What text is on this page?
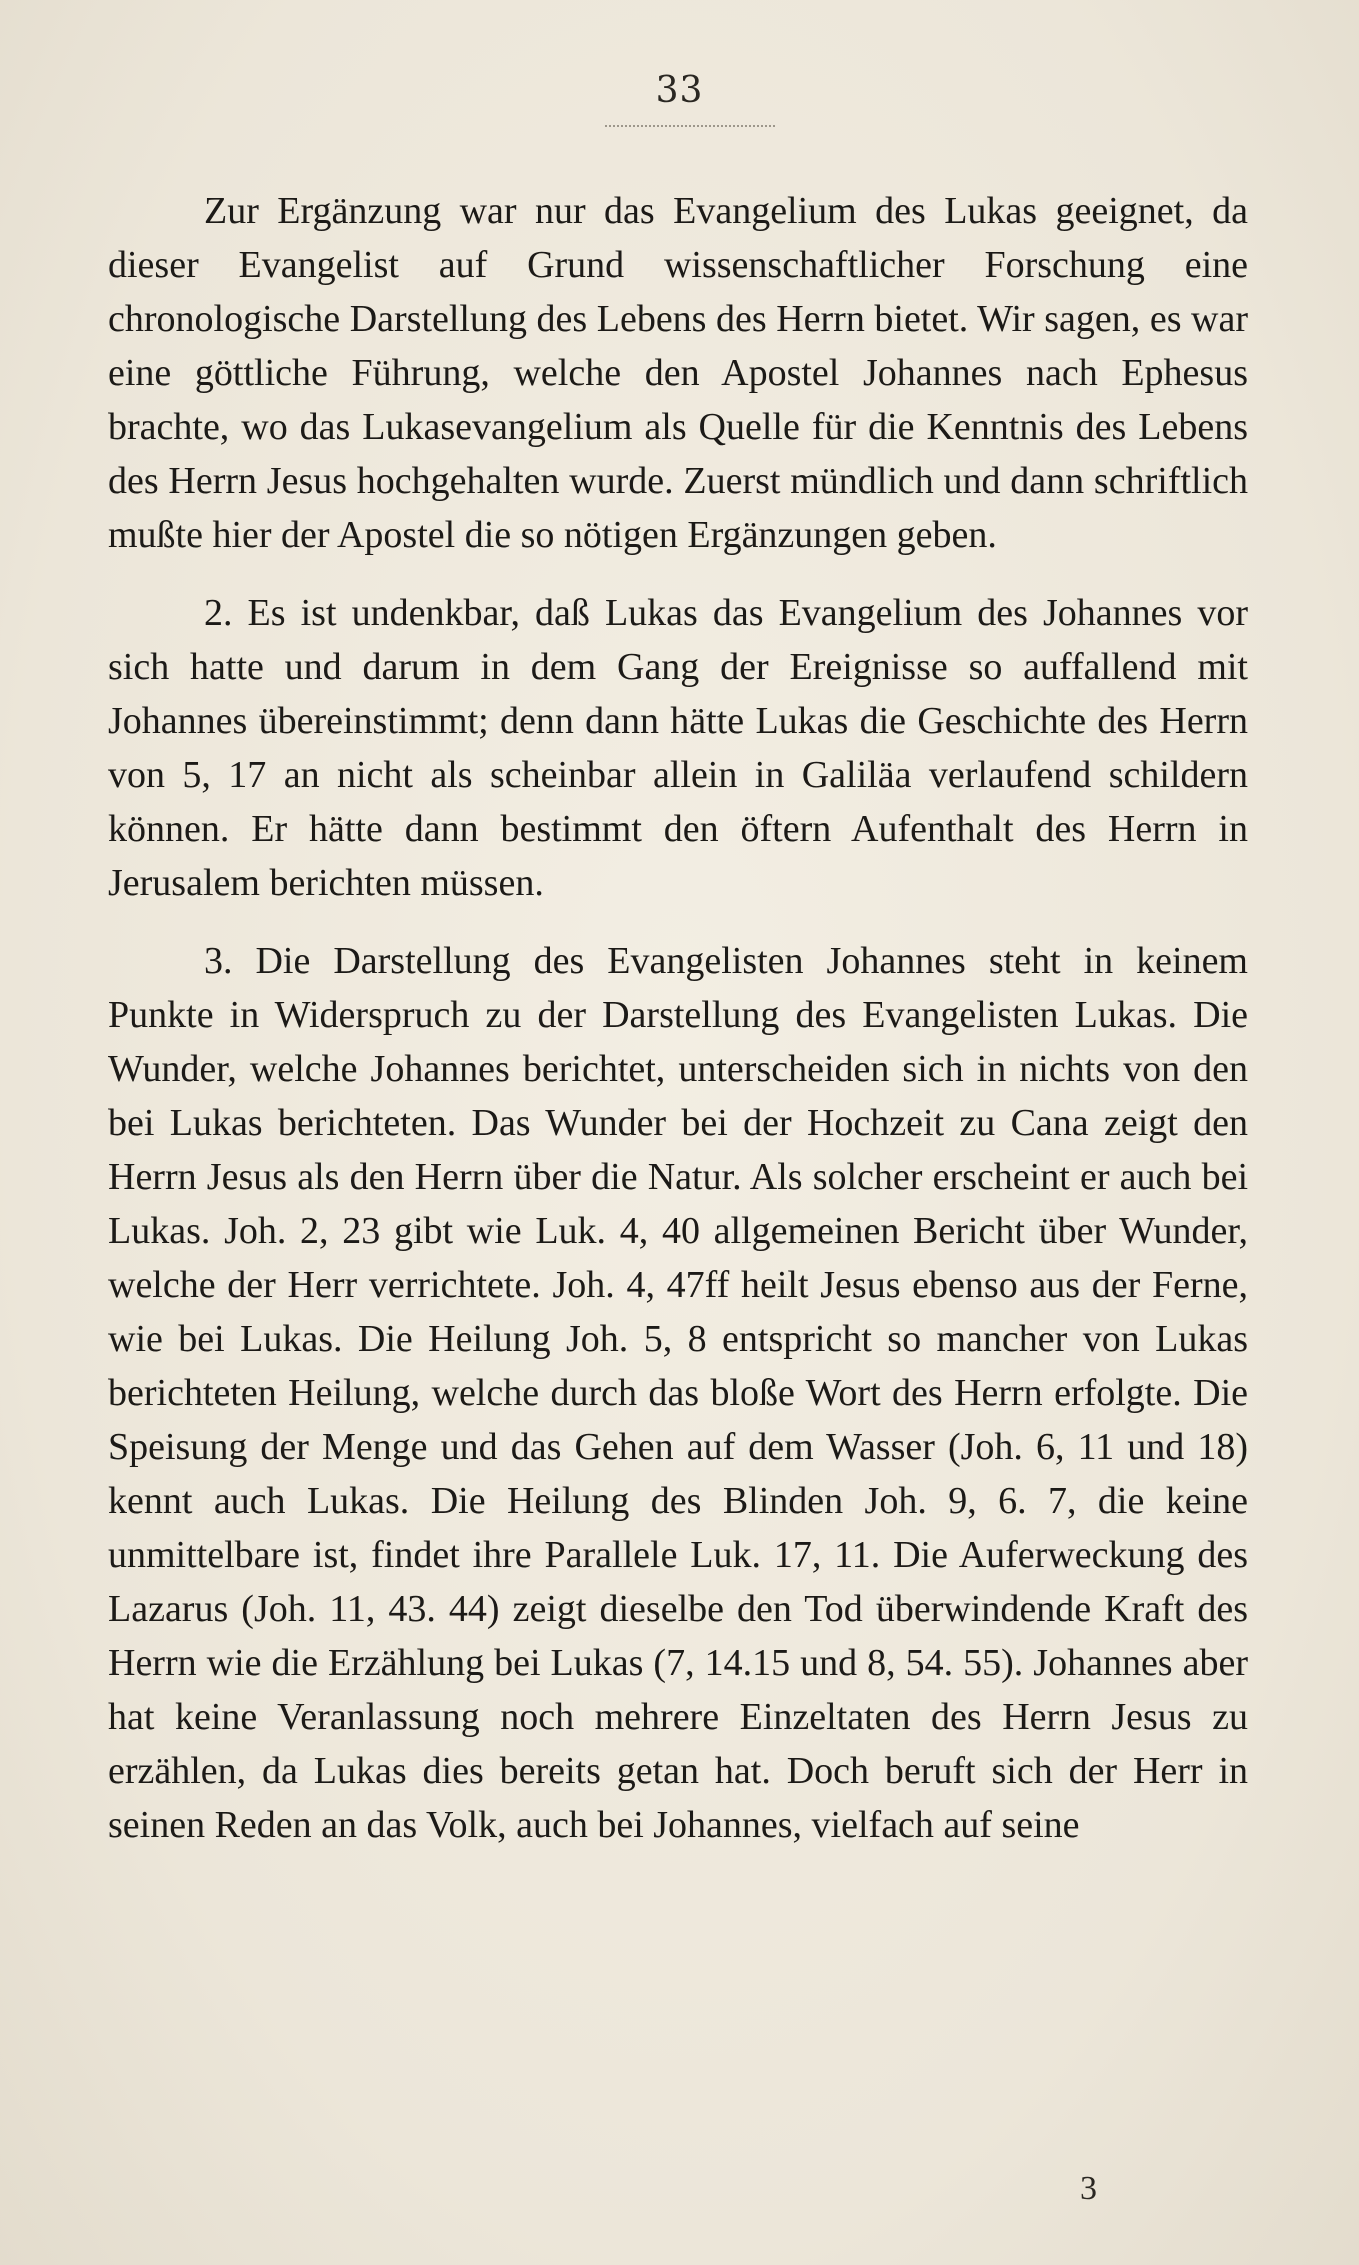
33

Zur Ergänzung war nur das Evangelium des Lukas geeignet, da dieser Evangelist auf Grund wissenschaftlicher Forschung eine chronologische Darstellung des Lebens des Herrn bietet. Wir sagen, es war eine göttliche Führung, welche den Apostel Johannes nach Ephesus brachte, wo das Lukasevangelium als Quelle für die Kenntnis des Lebens des Herrn Jesus hochgehalten wurde. Zuerst mündlich und dann schriftlich mußte hier der Apostel die so nötigen Ergänzungen geben.

2. Es ist undenkbar, daß Lukas das Evangelium des Johannes vor sich hatte und darum in dem Gang der Ereignisse so auffallend mit Johannes übereinstimmt; denn dann hätte Lukas die Geschichte des Herrn von 5, 17 an nicht als scheinbar allein in Galiläa verlaufend schildern können. Er hätte dann bestimmt den öftern Aufenthalt des Herrn in Jerusalem berichten müssen.

3. Die Darstellung des Evangelisten Johannes steht in keinem Punkte in Widerspruch zu der Darstellung des Evangelisten Lukas. Die Wunder, welche Johannes berichtet, unterscheiden sich in nichts von den bei Lukas berichteten. Das Wunder bei der Hochzeit zu Cana zeigt den Herrn Jesus als den Herrn über die Natur. Als solcher erscheint er auch bei Lukas. Joh. 2, 23 gibt wie Luk. 4, 40 allgemeinen Bericht über Wunder, welche der Herr verrichtete. Joh. 4, 47ff heilt Jesus ebenso aus der Ferne, wie bei Lukas. Die Heilung Joh. 5, 8 entspricht so mancher von Lukas berichteten Heilung, welche durch das bloße Wort des Herrn erfolgte. Die Speisung der Menge und das Gehen auf dem Wasser (Joh. 6, 11 und 18) kennt auch Lukas. Die Heilung des Blinden Joh. 9, 6. 7, die keine unmittelbare ist, findet ihre Parallele Luk. 17, 11. Die Auferweckung des Lazarus (Joh. 11, 43. 44) zeigt dieselbe den Tod überwindende Kraft des Herrn wie die Erzählung bei Lukas (7, 14.15 und 8, 54. 55). Johannes aber hat keine Veranlassung noch mehrere Einzeltaten des Herrn Jesus zu erzählen, da Lukas dies bereits getan hat. Doch beruft sich der Herr in seinen Reden an das Volk, auch bei Johannes, vielfach auf seine

3
